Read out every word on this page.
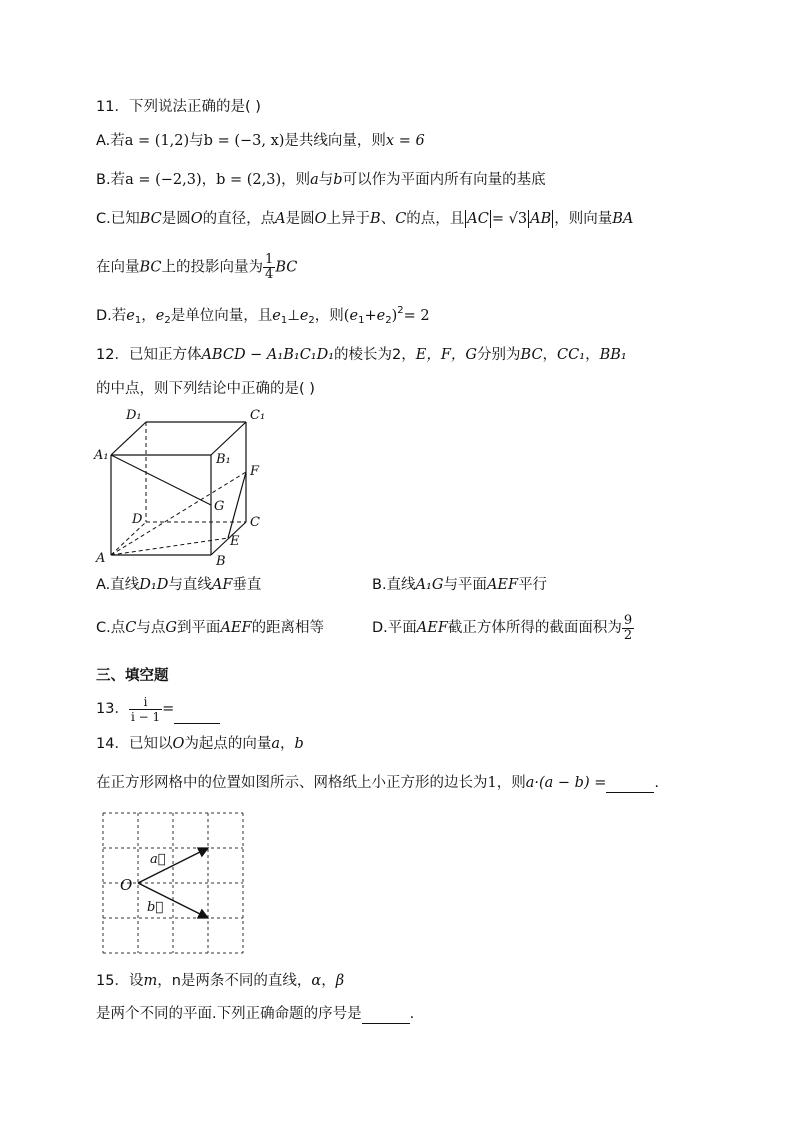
11．下列说法正确的是( )
A.若a = (1,2)与b = (−3, x)是共线向量，则x = 6
B.若a = (−2,3)，b = (2,3)，则a与b可以作为平面内所有向量的基底
C.已知BC是圆O的直径，点A是圆O上异于B、C的点，且 AC = √3 AB ，则向量BA
在向量BC上的投影向量为 $\frac{1}{4}$ BC
D.若$e_1$，$e_2$是单位向量，且$e_1\perp e_2$，则$(e_1+e_2)^2= 2$
12．已知正方体ABCD − A₁B₁C₁D₁的棱长为2，E，F，G分别为BC，CC₁，BB₁
的中点，则下列结论中正确的是( )
D₁	C₁
A₁	B₁
F
G
D	C
E
A	B
A.直线D₁D与直线AF垂直	B.直线A₁G与平面AEF平行
C.点C与点G到平面AEF的距离相等	D.平面AEF截正方体所得的截面面积为 $\frac{9}{2}$
三、填空题
13． $\frac{i}{i - 1}$ =
14．已知以O为起点的向量a，b
在正方形网格中的位置如图所示、网格纸上小正方形的边长为1，则a·(a − b) =	.
O
a⃗
b⃗
15．设m，n是两条不同的直线，α，β
是两个不同的平面.下列正确命题的序号是	.
